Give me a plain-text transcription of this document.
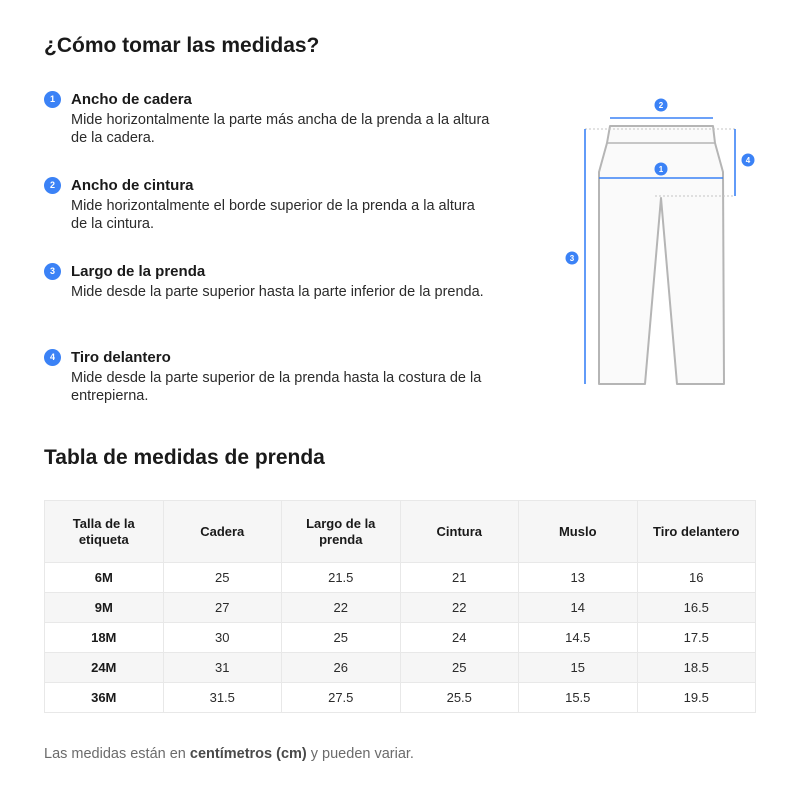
¿Cómo tomar las medidas?
1	Ancho de cadera
Mide horizontalmente la parte más ancha de la prenda a la altura de la cadera.
2	Ancho de cintura
Mide horizontalmente el borde superior de la prenda a la altura de la cintura.
3	Largo de la prenda
Mide desde la parte superior hasta la parte inferior de la prenda.
4	Tiro delantero
Mide desde la parte superior de la prenda hasta la costura de la entrepierna.
2
4
1
3
Tabla de medidas de prenda
Talla de la etiqueta	Cadera	Largo de la prenda	Cintura	Muslo	Tiro delantero
6M	25	21.5	21	13	16
9M	27	22	22	14	16.5
18M	30	25	24	14.5	17.5
24M	31	26	25	15	18.5
36M	31.5	27.5	25.5	15.5	19.5

Las medidas están en centímetros (cm) y pueden variar.
